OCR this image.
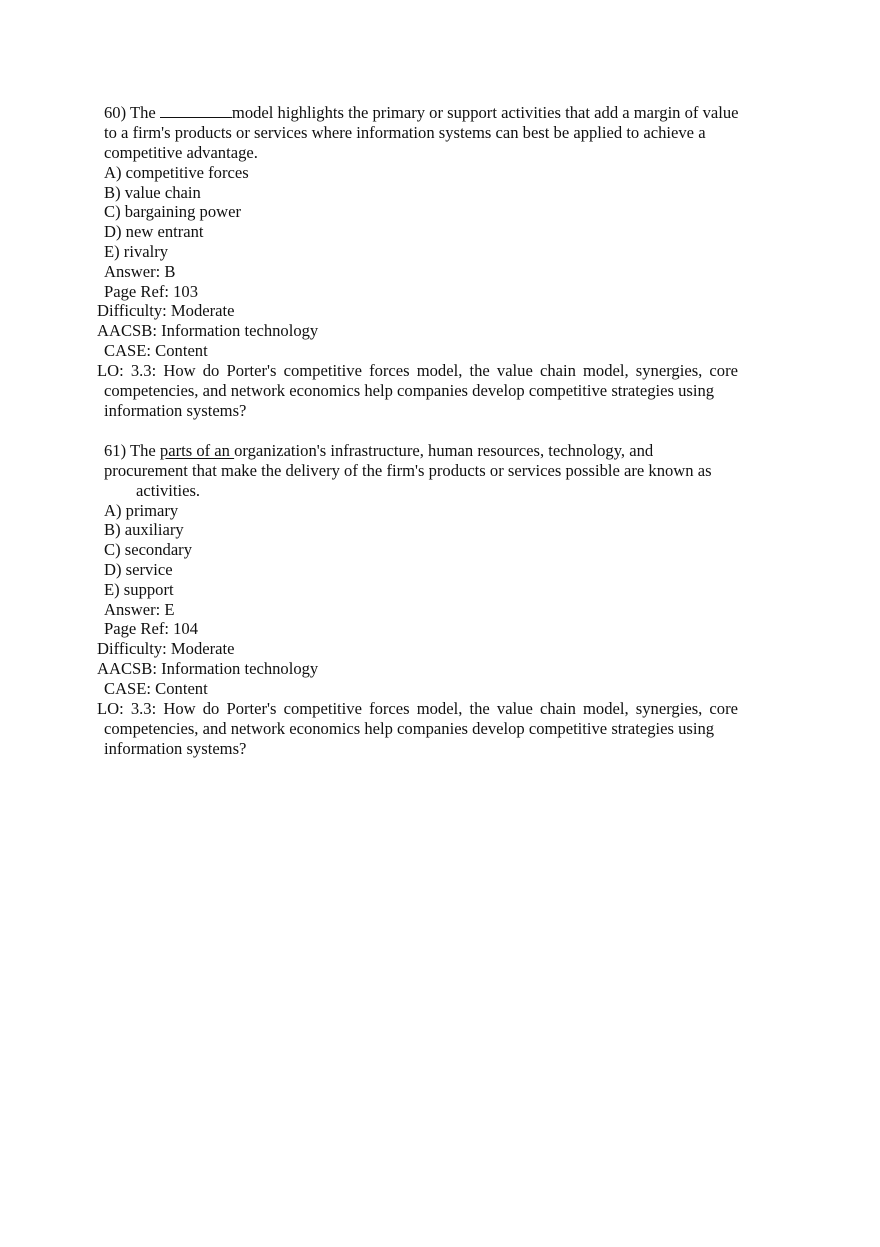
60) The	model highlights the primary or support activities that add a margin of value
to a firm's products or services where information systems can best be applied to achieve a
competitive advantage.
A) competitive forces
B) value chain
C) bargaining power
D) new entrant
E) rivalry
Answer: B
Page Ref: 103
Difficulty: Moderate
AACSB: Information technology
CASE: Content
LO: 3.3: How do Porter's competitive forces model, the value chain model, synergies, core
competencies, and network economics help companies develop competitive strategies using
information systems?
61) The parts of an organization's infrastructure, human resources, technology, and
procurement that make the delivery of the firm's products or services possible are known as
activities.
A) primary
B) auxiliary
C) secondary
D) service
E) support
Answer: E
Page Ref: 104
Difficulty: Moderate
AACSB: Information technology
CASE: Content
LO: 3.3: How do Porter's competitive forces model, the value chain model, synergies, core
competencies, and network economics help companies develop competitive strategies using
information systems?
